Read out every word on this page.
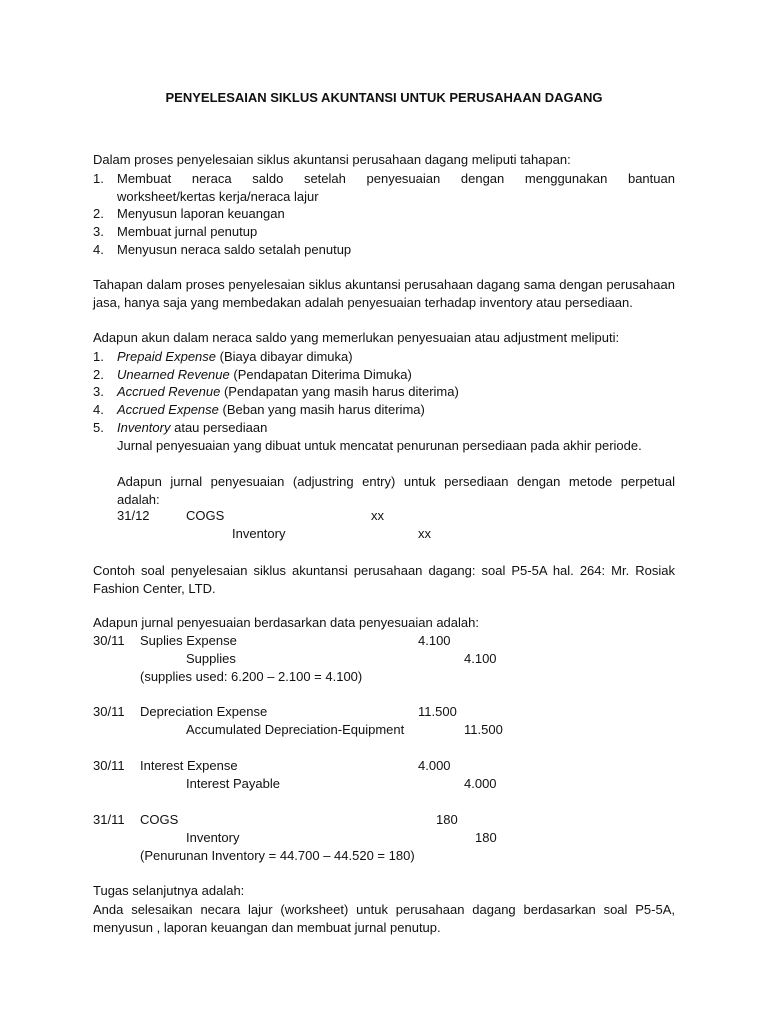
PENYELESAIAN SIKLUS AKUNTANSI UNTUK PERUSAHAAN DAGANG
Dalam proses penyelesaian siklus akuntansi perusahaan dagang meliputi tahapan:
1. Membuat neraca saldo setelah penyesuaian dengan menggunakan bantuan
worksheet/kertas kerja/neraca lajur
2. Menyusun laporan keuangan
3. Membuat jurnal penutup
4. Menyusun neraca saldo setalah penutup
Tahapan dalam proses penyelesaian siklus akuntansi perusahaan dagang sama dengan perusahaan jasa, hanya saja yang membedakan adalah penyesuaian terhadap inventory atau persediaan.
Adapun akun dalam neraca saldo yang memerlukan penyesuaian atau adjustment meliputi:
1. Prepaid Expense (Biaya dibayar dimuka)
2. Unearned Revenue (Pendapatan Diterima Dimuka)
3. Accrued Revenue (Pendapatan yang masih harus diterima)
4. Accrued Expense (Beban yang masih harus diterima)
5. Inventory atau persediaan
Jurnal penyesuaian yang dibuat untuk mencatat penurunan persediaan pada akhir periode.
Adapun jurnal penyesuaian (adjustring entry) untuk persediaan dengan metode perpetual adalah:
31/12	COGS	xx
Inventory	xx
Contoh soal penyelesaian siklus akuntansi perusahaan dagang: soal P5-5A hal. 264: Mr. Rosiak Fashion Center, LTD.
Adapun jurnal penyesuaian berdasarkan data penyesuaian adalah:
30/11 Suplies Expense	4.100
Supplies	4.100
(supplies used: 6.200 – 2.100 = 4.100)
30/11 Depreciation Expense	11.500
Accumulated Depreciation-Equipment	11.500
30/11 Interest Expense	4.000
Interest Payable	4.000
31/11 COGS	180
Inventory	180
(Penurunan Inventory = 44.700 – 44.520 = 180)
Tugas selanjutnya adalah:
Anda selesaikan necara lajur (worksheet) untuk perusahaan dagang berdasarkan soal P5-5A, menyusun , laporan keuangan dan membuat jurnal penutup.
